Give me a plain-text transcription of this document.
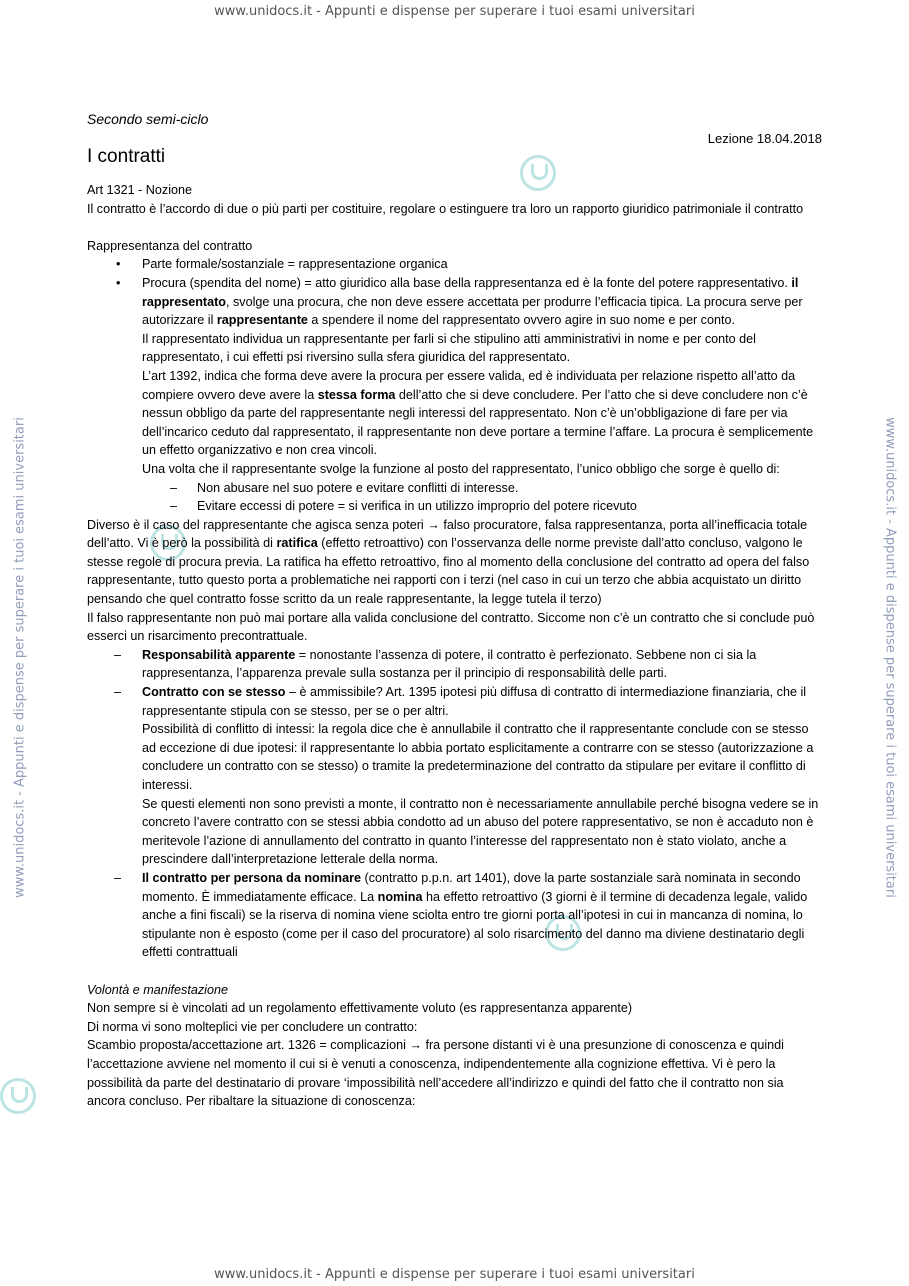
www.unidocs.it - Appunti e dispense per superare i tuoi esami universitari
www.unidocs.it - Appunti e dispense per superare i tuoi esami universitari
www.unidocs.it - Appunti e dispense per superare i tuoi esami universitari	www.unidocs.it - Appunti e dispense per superare i tuoi esami universitari
Secondo semi-ciclo
Lezione 18.04.2018
I contratti

Art 1321 - Nozione

Il contratto è l’accordo di due o più parti per costituire, regolare o estinguere tra loro un rapporto giuridico patrimoniale il contratto

Rappresentanza del contratto

• Parte formale/sostanziale = rappresentazione organica

• Procura (spendita del nome) = atto giuridico alla base della rappresentanza ed è la fonte del potere rappresentativo. il rappresentato, svolge una procura, che non deve essere accettata per produrre l’efficacia tipica. La procura serve per autorizzare il rappresentante a spendere il nome del rappresentato ovvero agire in suo nome e per conto.

Il rappresentato individua un rappresentante per farli si che stipulino atti amministrativi in nome e per conto del rappresentato, i cui effetti psi riversino sulla sfera giuridica del rappresentato.

L’art 1392, indica che forma deve avere la procura per essere valida, ed è individuata per relazione rispetto all’atto da compiere ovvero deve avere la stessa forma dell’atto che si deve concludere. Per l’atto che si deve concludere non c’è nessun obbligo da parte del rappresentante negli interessi del rappresentato. Non c’è un’obbligazione di fare per via dell’incarico ceduto dal rappresentato, il rappresentante non deve portare a termine l’affare. La procura è semplicemente un effetto organizzativo e non crea vincoli.

Una volta che il rappresentante svolge la funzione al posto del rappresentato, l’unico obbligo che sorge è quello di:

– Non abusare nel suo potere e evitare conflitti di interesse.
– Evitare eccessi di potere = si verifica in un utilizzo improprio del potere ricevuto

Diverso è il caso del rappresentante che agisca senza poteri → falso procuratore, falsa rappresentanza, porta all’inefficacia totale dell’atto. Vi è però la possibilità di ratifica (effetto retroattivo) con l’osservanza delle norme previste dall’atto concluso, valgono le stesse regole di procura previa. La ratifica ha effetto retroattivo, fino al momento della conclusione del contratto ad opera del falso rappresentante, tutto questo porta a problematiche nei rapporti con i terzi (nel caso in cui un terzo che abbia acquistato un diritto pensando che quel contratto fosse scritto da un reale rappresentante, la legge tutela il terzo)

Il falso rappresentante non può mai portare alla valida conclusione del contratto. Siccome non c’è un contratto che si conclude può esserci un risarcimento precontrattuale.

– Responsabilità apparente = nonostante l’assenza di potere, il contratto è perfezionato. Sebbene non ci sia la rappresentanza, l’apparenza prevale sulla sostanza per il principio di responsabilità delle parti.

– Contratto con se stesso – è ammissibile? Art. 1395 ipotesi più diffusa di contratto di intermediazione finanziaria, che il rappresentante stipula con se stesso, per se o per altri.

Possibilità di conflitto di intessi: la regola dice che è annullabile il contratto che il rappresentante conclude con se stesso ad eccezione di due ipotesi: il rappresentante lo abbia portato esplicitamente a contrarre con se stesso (autorizzazione a concludere un contratto con se stesso) o tramite la predeterminazione del contratto da stipulare per evitare il conflitto di interessi.

Se questi elementi non sono previsti a monte, il contratto non è necessariamente annullabile perché bisogna vedere se in concreto l’avere contratto con se stessi abbia condotto ad un abuso del potere rappresentativo, se non è accaduto non è meritevole l’azione di annullamento del contratto in quanto l’interesse del rappresentato non è stato violato, anche a prescindere dall’interpretazione letterale della norma.

– Il contratto per persona da nominare (contratto p.p.n. art 1401), dove la parte sostanziale sarà nominata in secondo momento. È immediatamente efficace. La nomina ha effetto retroattivo (3 giorni è il termine di decadenza legale, valido anche a fini fiscali) se la riserva di nomina viene sciolta entro tre giorni porta all’ipotesi in cui in mancanza di nomina, lo stipulante non è esposto (come per il caso del procuratore) al solo risarcimento del danno ma diviene destinatario degli effetti contrattuali

Volontà e manifestazione

Non sempre si è vincolati ad un regolamento effettivamente voluto (es rappresentanza apparente)

Di norma vi sono molteplici vie per concludere un contratto:

Scambio proposta/accettazione art. 1326 = complicazioni → fra persone distanti vi è una presunzione di conoscenza e quindi l’accettazione avviene nel momento il cui si è venuti a conoscenza, indipendentemente alla cognizione effettiva. Vi è pero la possibilità da parte del destinatario di provare ‘impossibilità nell’accedere all’indirizzo e quindi del fatto che il contratto non sia ancora concluso. Per ribaltare la situazione di conoscenza:
